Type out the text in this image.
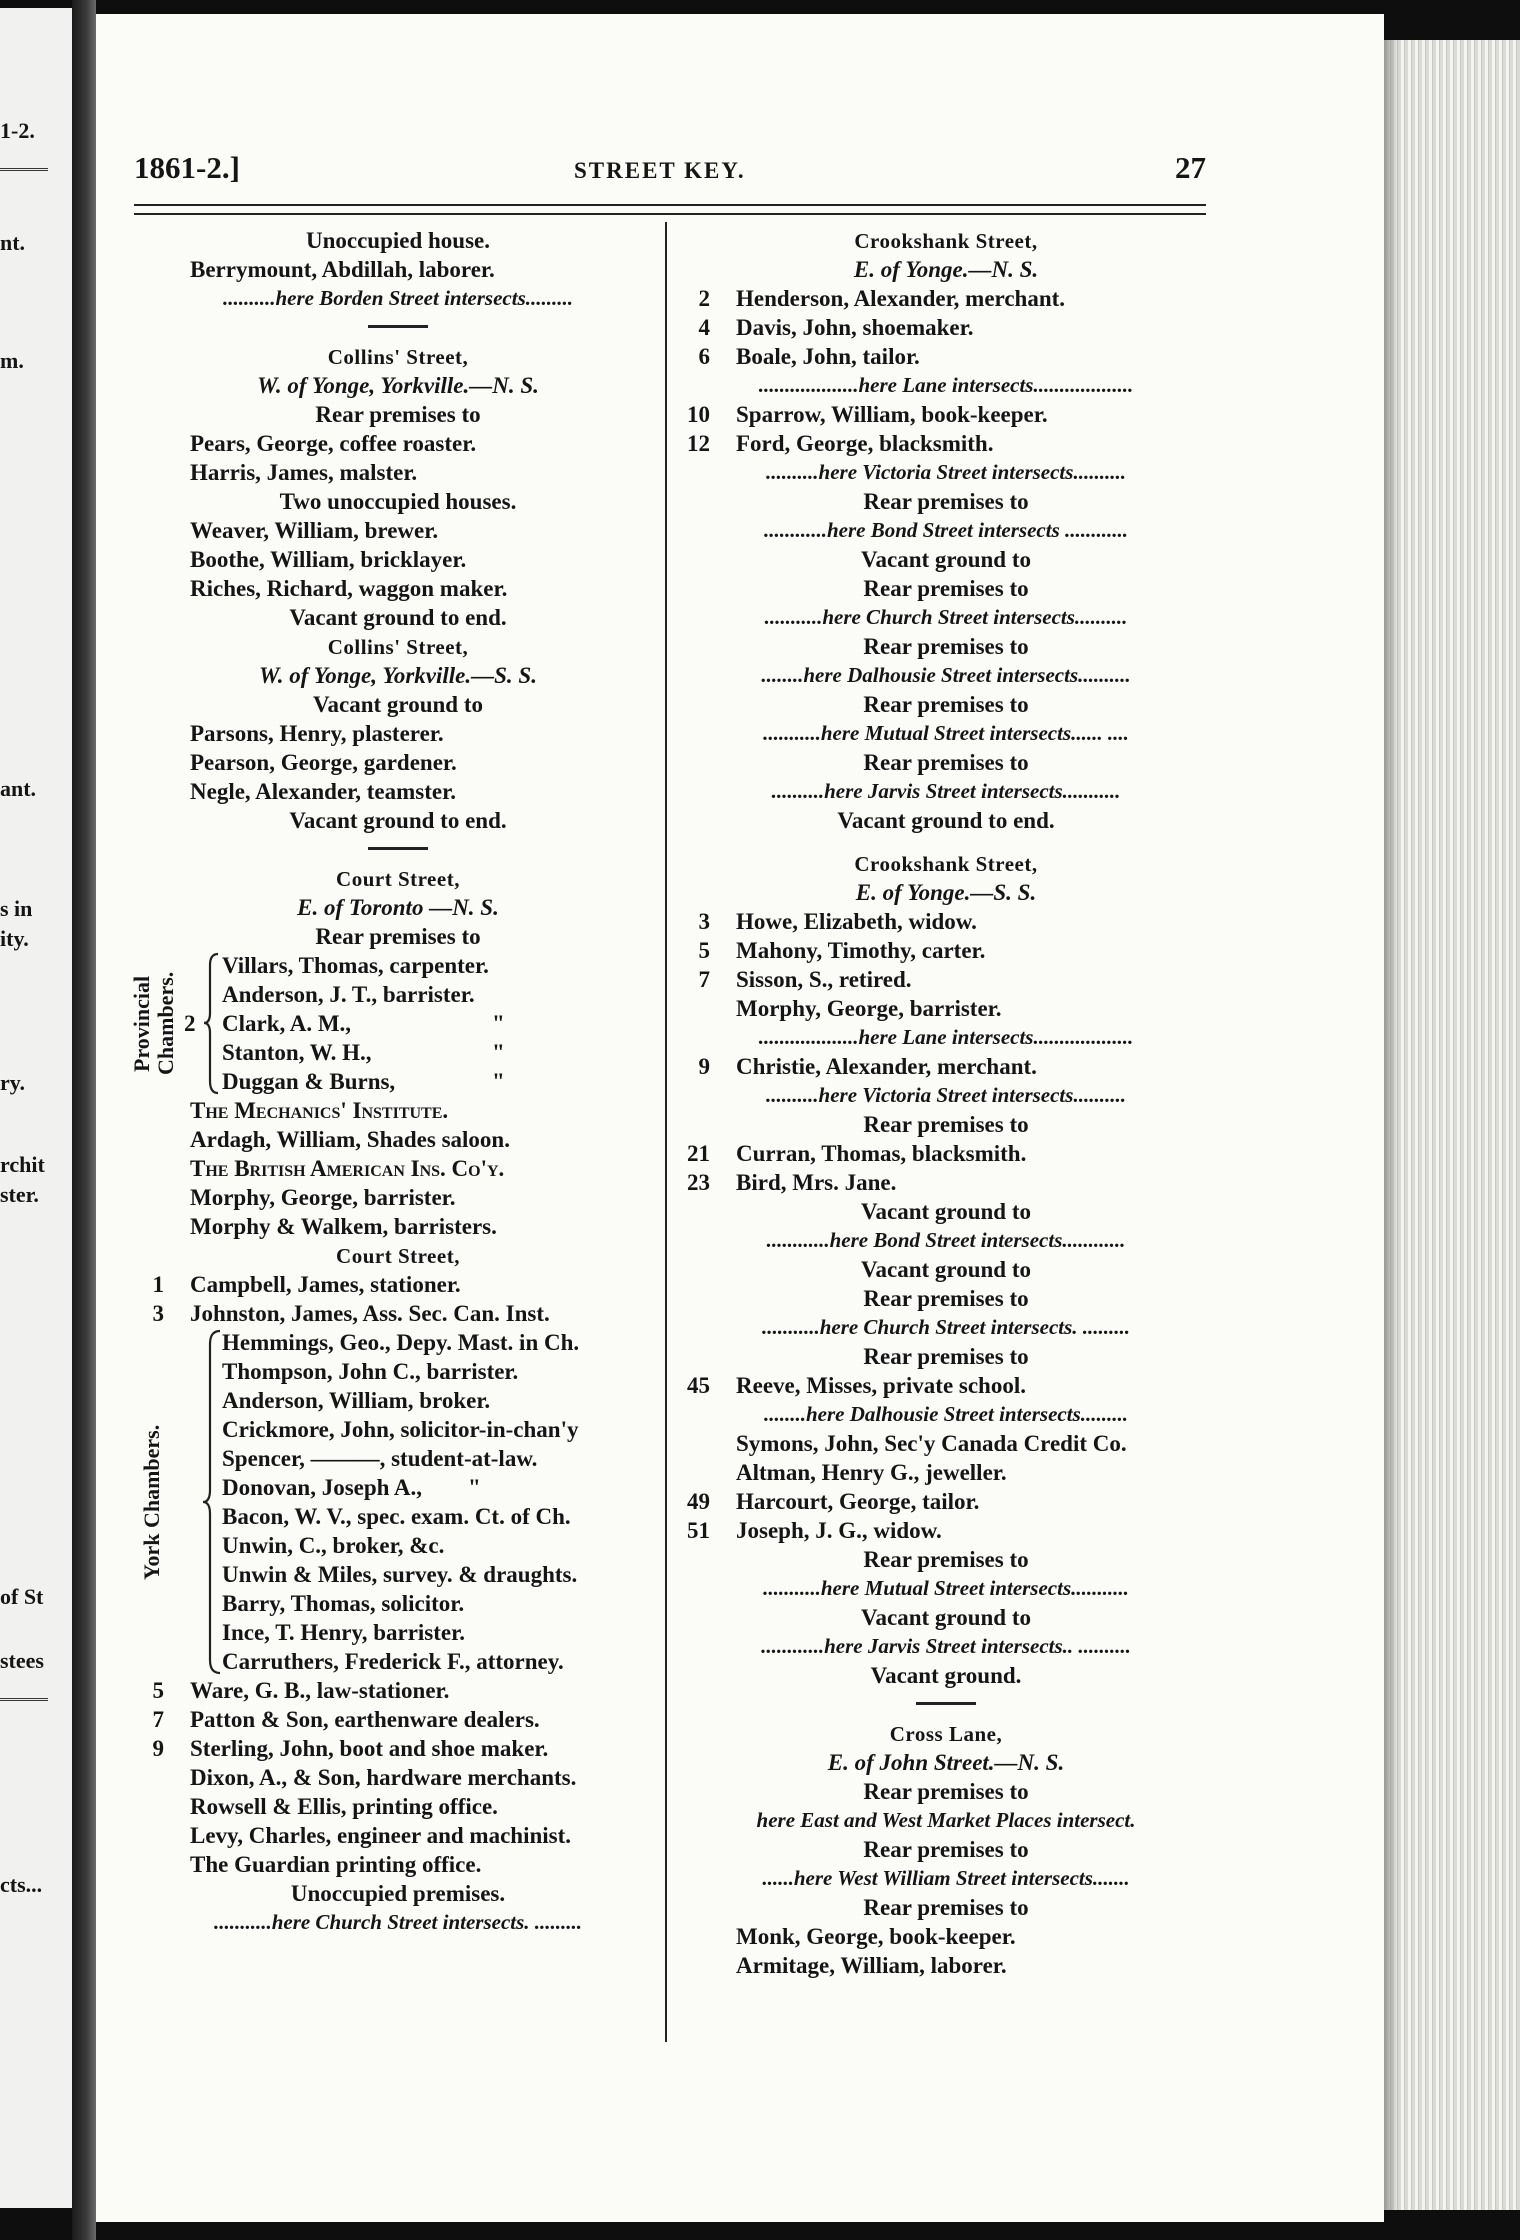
1-2.
nt.
m.
ant.
s in
ity.
ry.
rchit
ster.
of St
stees
cts...
1861-2.]	STREET KEY.	27
Unoccupied house.
Berrymount, Abdillah, laborer.
..........here Borden Street intersects.........
Collins' Street,
W. of Yonge, Yorkville.—N. S.
Rear premises to
Pears, George, coffee roaster.
Harris, James, malster.
Two unoccupied houses.
Weaver, William, brewer.
Boothe, William, bricklayer.
Riches, Richard, waggon maker.
Vacant ground to end.
Collins' Street,
W. of Yonge, Yorkville.—S. S.
Vacant ground to
Parsons, Henry, plasterer.
Pearson, George, gardener.
Negle, Alexander, teamster.
Vacant ground to end.
Court Street,
E. of Toronto —N. S.
Rear premises to
Villars, Thomas, carpenter.
Anderson, J. T., barrister.
Clark, A. M.,	"
2
Stanton, W. H.,	"
Duggan & Burns,	"
Provincial Chambers.
The Mechanics' Institute.
Ardagh, William, Shades saloon.
The British American Ins. Co'y.
Morphy, George, barrister.
Morphy & Walkem, barristers.
Court Street,
1 Campbell, James, stationer.
3 Johnston, James, Ass. Sec. Can. Inst.
Hemmings, Geo., Depy. Mast. in Ch.
Thompson, John C., barrister.
Anderson, William, broker.
Crickmore, John, solicitor-in-chan'y
Spencer, ———, student-at-law.
Donovan, Joseph A.,        "
Bacon, W. V., spec. exam. Ct. of Ch.
Unwin, C., broker, &c.
Unwin & Miles, survey. & draughts.
Barry, Thomas, solicitor.
Ince, T. Henry, barrister.
Carruthers, Frederick F., attorney.
York Chambers.
5 Ware, G. B., law-stationer.
7 Patton & Son, earthenware dealers.
9 Sterling, John, boot and shoe maker.
Dixon, A., & Son, hardware merchants.
Rowsell & Ellis, printing office.
Levy, Charles, engineer and machinist.
The Guardian printing office.
Unoccupied premises.
...........here Church Street intersects. .........
Crookshank Street,
E. of Yonge.—N. S.
2 Henderson, Alexander, merchant.
4 Davis, John, shoemaker.
6 Boale, John, tailor.
...................here Lane intersects...................
10 Sparrow, William, book-keeper.
12 Ford, George, blacksmith.
..........here Victoria Street intersects..........
Rear premises to
............here Bond Street intersects ............
Vacant ground to
Rear premises to
...........here Church Street intersects..........
Rear premises to
........here Dalhousie Street intersects..........
Rear premises to
...........here Mutual Street intersects...... ....
Rear premises to
..........here Jarvis Street intersects...........
Vacant ground to end.
Crookshank Street,
E. of Yonge.—S. S.
3 Howe, Elizabeth, widow.
5 Mahony, Timothy, carter.
7 Sisson, S., retired.
Morphy, George, barrister.
...................here Lane intersects...................
9 Christie, Alexander, merchant.
..........here Victoria Street intersects..........
Rear premises to
21 Curran, Thomas, blacksmith.
23 Bird, Mrs. Jane.
Vacant ground to
............here Bond Street intersects............
Vacant ground to
Rear premises to
...........here Church Street intersects. .........
Rear premises to
45 Reeve, Misses, private school.
........here Dalhousie Street intersects.........
Symons, John, Sec'y Canada Credit Co.
Altman, Henry G., jeweller.
49 Harcourt, George, tailor.
51 Joseph, J. G., widow.
Rear premises to
...........here Mutual Street intersects...........
Vacant ground to
............here Jarvis Street intersects.. ..........
Vacant ground.
Cross Lane,
E. of John Street.—N. S.
Rear premises to
here East and West Market Places intersect.
Rear premises to
......here West William Street intersects.......
Rear premises to
Monk, George, book-keeper.
Armitage, William, laborer.
